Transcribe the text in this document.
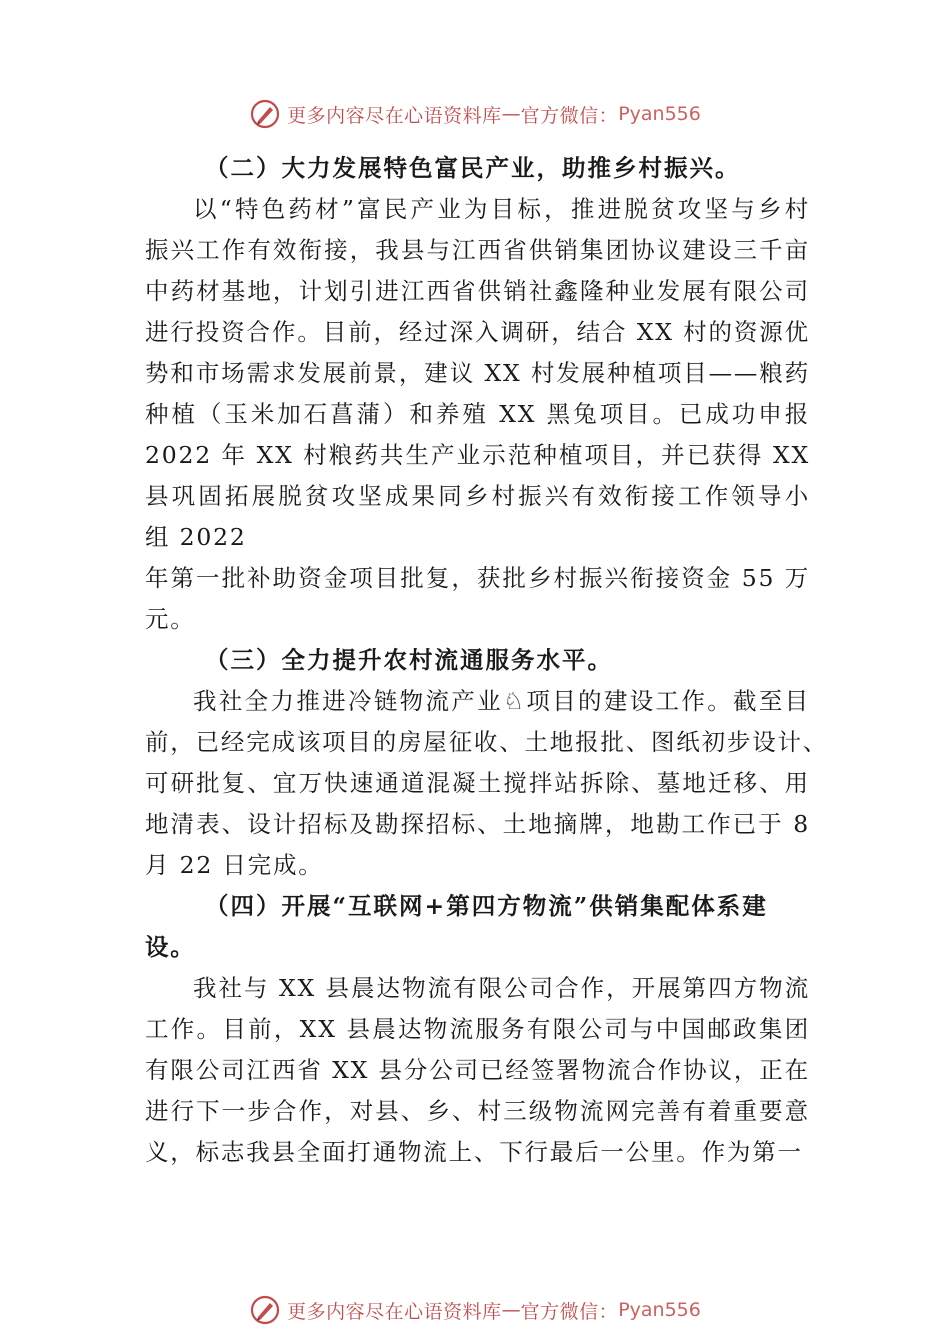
更多内容尽在心语资料库 — 官方微信： Pyan556
（二）大力发展特色富民产业，助推乡村振兴。
以“特色药材”富民产业为目标，推进脱贫攻坚与乡村
振兴工作有效衔接，我县与江西省供销集团协议建设三千亩
中药材基地，计划引进江西省供销社鑫隆种业发展有限公司
进行投资合作。目前，经过深入调研，结合 XX 村的资源优
势和市场需求发展前景，建议 XX 村发展种植项目——粮药
种植（玉米加石菖蒲）和养殖 XX 黑兔项目。已成功申报
2022 年 XX 村粮药共生产业示范种植项目，并已获得 XX
县巩固拓展脱贫攻坚成果同乡村振兴有效衔接工作领导小
组 2022
年第一批补助资金项目批复，获批乡村振兴衔接资金 55 万
元。
（三）全力提升农村流通服务水平。
我社全力推进冷链物流产业♘项目的建设工作。截至目
前，已经完成该项目的房屋征收、土地报批、图纸初步设计、
可研批复、宜万快速通道混凝土搅拌站拆除、墓地迁移、用
地清表、设计招标及勘探招标、土地摘牌，地勘工作已于 8
月 22 日完成。
（四）开展“互联网+第四方物流”供销集配体系建
设。
我社与 XX 县晨达物流有限公司合作，开展第四方物流
工作。目前，XX 县晨达物流服务有限公司与中国邮政集团
有限公司江西省 XX 县分公司已经签署物流合作协议，正在
进行下一步合作，对县、乡、村三级物流网完善有着重要意
义，标志我县全面打通物流上、下行最后一公里。作为第一
更多内容尽在心语资料库 — 官方微信： Pyan556
